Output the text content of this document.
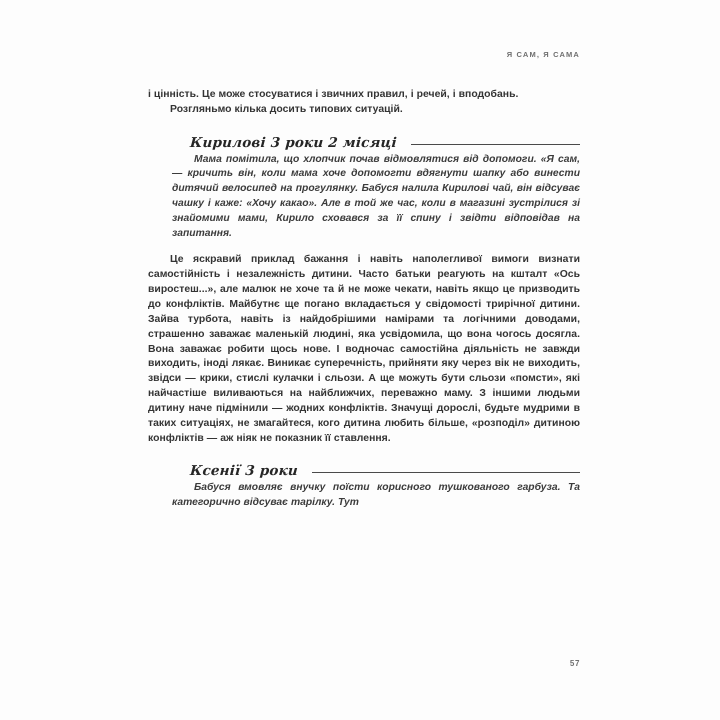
Я САМ, Я САМА

і цінність. Це може стосуватися і звичних правил, і речей, і вподобань.

Розгляньмо кілька досить типових ситуацій.

Кирилові 3 роки 2 місяці

Мама помітила, що хлопчик почав відмовлятися від допомоги. «Я сам, — кричить він, коли мама хоче допомогти вдягнути шапку або винести дитячий велосипед на прогулянку. Бабуся налила Кирилові чай, він відсуває чашку і каже: «Хочу какао». Але в той же час, коли в магазині зустрілися зі знайомими мами, Кирило сховався за її спину і звідти відповідав на запитання.

Це яскравий приклад бажання і навіть наполегливої вимоги визнати самостійність і незалежність дитини. Часто батьки реагують на кшталт «Ось виростеш...», але малюк не хоче та й не може чекати, навіть якщо це призводить до конфліктів. Майбутнє ще погано вкладається у свідомості трирічної дитини. Зайва турбота, навіть із найдобрішими намірами та логічними доводами, страшенно заважає маленькій людині, яка усвідомила, що вона чогось досягла. Вона заважає робити щось нове. І водночас самостійна діяльність не завжди виходить, іноді лякає. Виникає суперечність, прийняти яку через вік не виходить, звідси — крики, стислі кулачки і сльози. А ще можуть бути сльози «помсти», які найчастіше виливаються на найближчих, переважно маму. З іншими людьми дитину наче підмінили — жодних конфліктів. Значущі дорослі, будьте мудрими в таких ситуаціях, не змагайтеся, кого дитина любить більше, «розподіл» дитиною конфліктів — аж ніяк не показник її ставлення.

Ксенії 3 роки

Бабуся вмовляє внучку поїсти корисного тушкованого гарбуза. Та категорично відсуває тарілку. Тут

57
